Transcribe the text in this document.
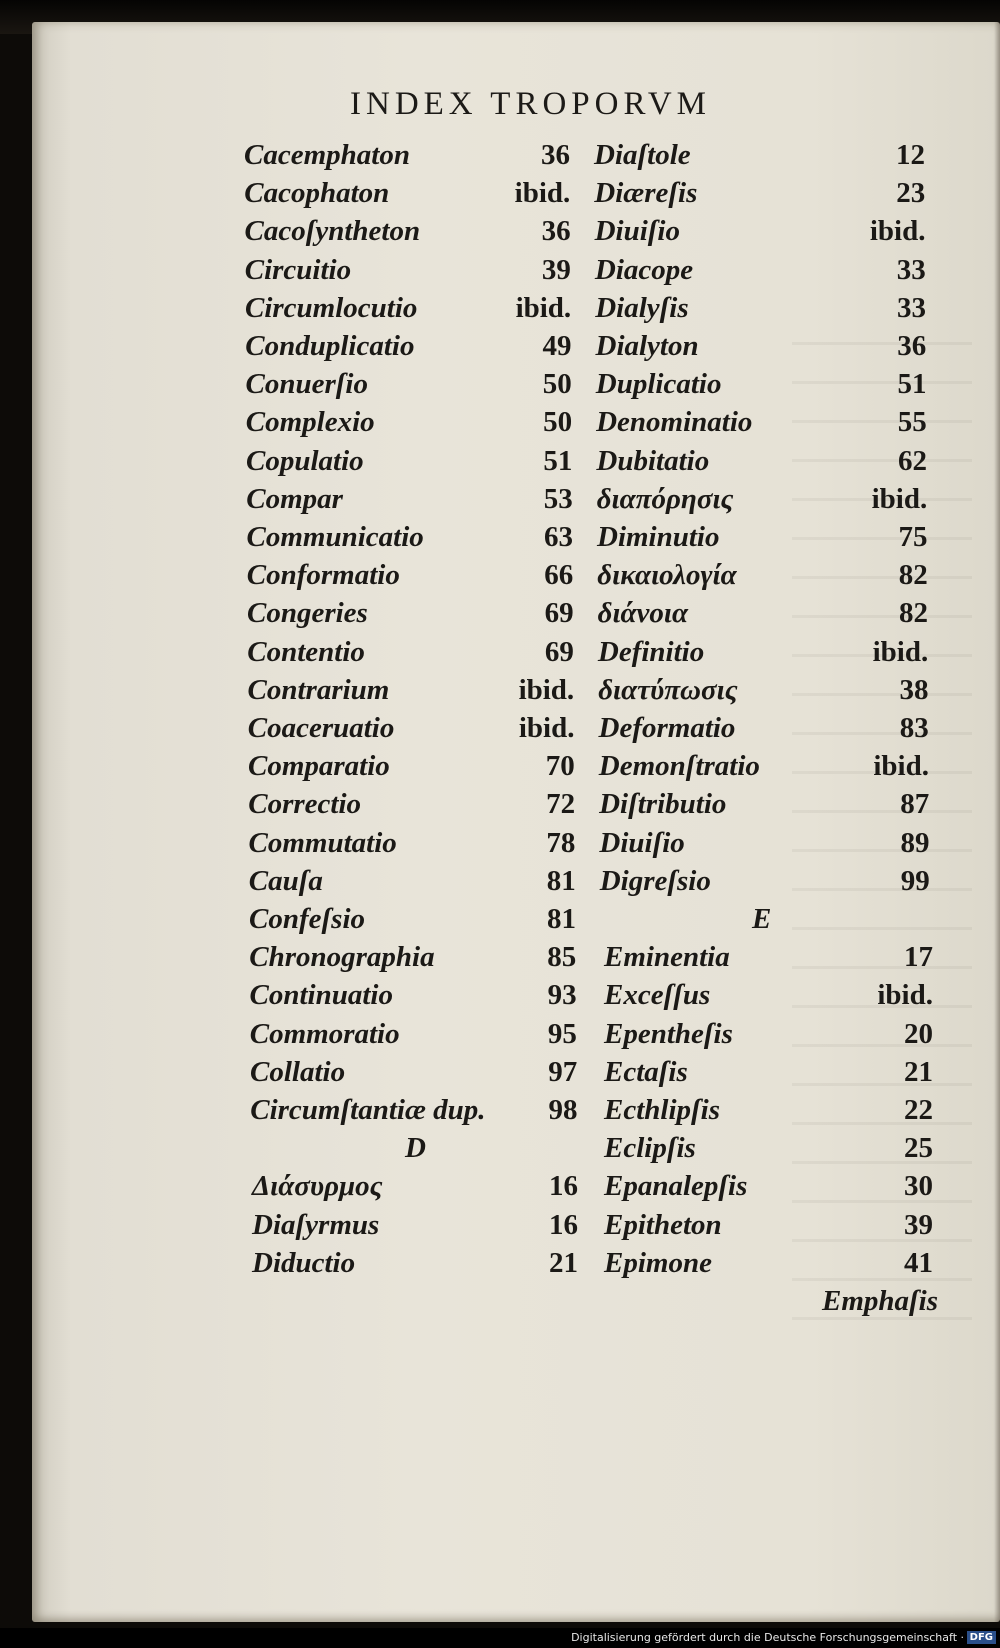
INDEX TROPORVM
Cacemphaton	36
Cacophaton	ibid.
Cacoſyntheton	36
Circuitio	39
Circumlocutio	ibid.
Conduplicatio	49
Conuerſio	50
Complexio	50
Copulatio	51
Compar	53
Communicatio	63
Conformatio	66
Congeries	69
Contentio	69
Contrarium	ibid.
Coaceruatio	ibid.
Comparatio	70
Correctio	72
Commutatio	78
Cauſa	81
Confeſsio	81
Chronographia	85
Continuatio	93
Commoratio	95
Collatio	97
Circumſtantiæ dup.	98
D
Διάσυρμος	16
Diaſyrmus	16
Diductio	21
Diaſtole	12
Diæreſis	23
Diuiſio	ibid.
Diacope	33
Dialyſis	33
Dialyton	36
Duplicatio	51
Denominatio	55
Dubitatio	62
διαπόρησις	ibid.
Diminutio	75
δικαιολογία	82
διάνοια	82
Definitio	ibid.
διατύπωσις	38
Deformatio	83
Demonſtratio	ibid.
Diſtributio	87
Diuiſio	89
Digreſsio	99
E
Eminentia	17
Exceſſus	ibid.
Epentheſis	20
Ectaſis	21
Ecthlipſis	22
Eclipſis	25
Epanalepſis	30
Epitheton	39
Epimone	41
Emphaſis
Digitalisierung gefördert durch die Deutsche Forschungsgemeinschaft · DFG
